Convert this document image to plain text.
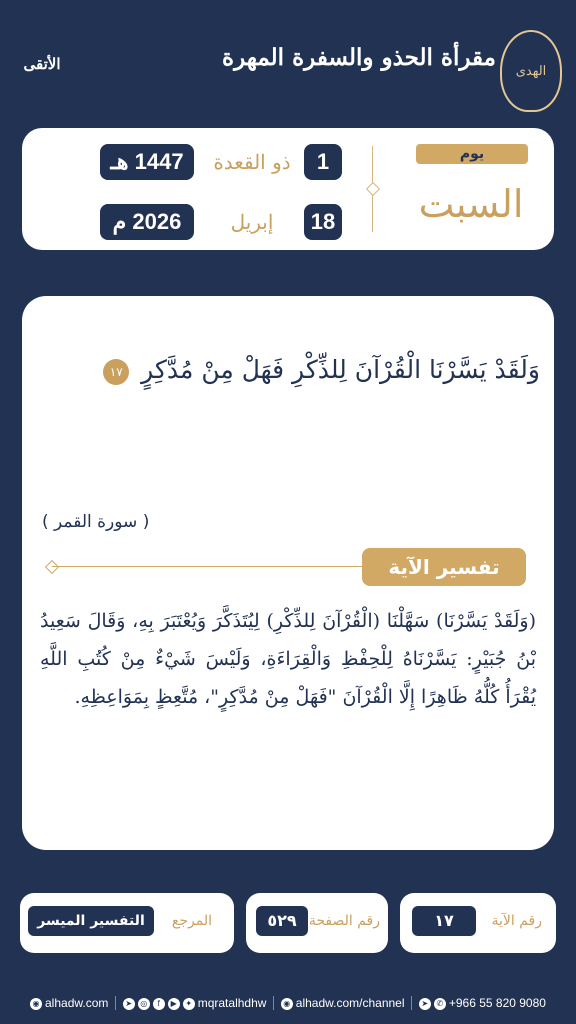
الهدى
مقرأة الحذو والسفرة المهرة
الأتقى
يوم
السبت
1
ذو القعدة
1447 هـ
18
إبريل
2026 م
وَلَقَدْ يَسَّرْنَا الْقُرْآنَ لِلذِّكْرِ فَهَلْ مِنْ مُدَّكِرٍ ١٧
( سورة القمر )
تفسير الآية
(وَلَقَدْ يَسَّرْنَا) سَهَّلْنَا (الْقُرْآنَ لِلذِّكْرِ) لِيُتَذَكَّرَ وَيُعْتَبَرَ بِهِ، وَقَالَ سَعِيدُ بْنُ جُبَيْرٍ: يَسَّرْنَاهُ لِلْحِفْظِ وَالْقِرَاءَةِ، وَلَيْسَ شَيْءٌ مِنْ كُتُبِ اللَّهِ يُقْرَأُ كُلُّهُ ظَاهِرًا إِلَّا الْقُرْآنَ "فَهَلْ مِنْ مُدَّكِرٍ"، مُتَّعِظٍ بِمَوَاعِظِهِ.
رقم الآية
١٧
رقم الصفحة
٥٢٩
المرجع
التفسير الميسر
◉ alhadw.com	➤ ◎ f ▶ ✦ mqratalhdhw	◉ alhadw.com/channel	➤ ✆ +966 55 820 9080
